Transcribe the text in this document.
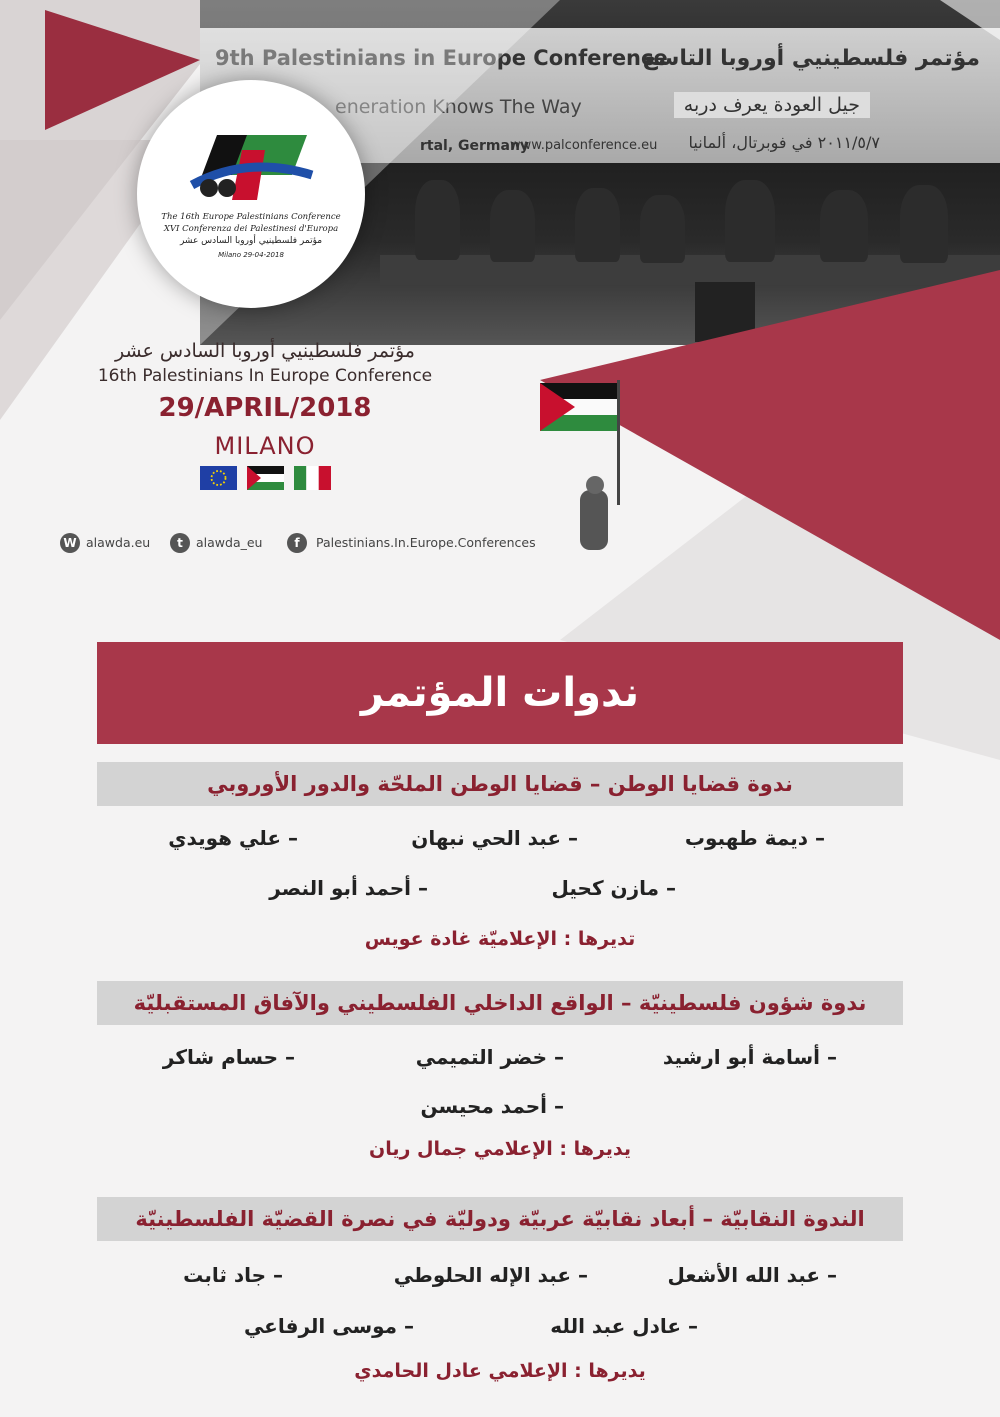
9th Palestinians in Europe Conference
مؤتمر فلسطينيي أوروبا التاسع
eneration Knows The Way	جيل العودة يعرف دربه
rtal, Germany
www.palconference.eu ٢٠١١/٥/٧ في فوبرتال، ألمانيا
The 16th Europe Palestinians Conference
XVI Conferenza dei Palestinesi d'Europa
مؤتمر فلسطينيي أوروبا السادس عشر
Milano 29-04-2018
مؤتمر فلسطينيي أوروبا السادس عشر
16th Palestinians In Europe Conference
29/APRIL/2018
MILANO
W alawda.eu	t	alawda_eu	f	Palestinians.In.Europe.Conferences
ندوات المؤتمر
ندوة قضايا الوطن – قضايا الوطن الملحّة والدور الأوروبي
– ديمة طهبوب
– عبد الحي نبهان
– علي هويدي
– مازن كحيل
– أحمد أبو النصر
تديرها : الإعلاميّة غادة عويس
ندوة شؤون فلسطينيّة – الواقع الداخلي الفلسطيني والآفاق المستقبليّة
– أسامة أبو ارشيد
– خضر التميمي
– حسام شاكر
– أحمد محيسن
يديرها : الإعلامي جمال ريان
الندوة النقابيّة – أبعاد نقابيّة عربيّة ودوليّة في نصرة القضيّة الفلسطينيّة
– عبد الله الأشعل
– عبد الإله الحلوطي
– جاد ثابت
– عادل عبد الله
– موسى الرفاعي
يديرها : الإعلامي عادل الحامدي
